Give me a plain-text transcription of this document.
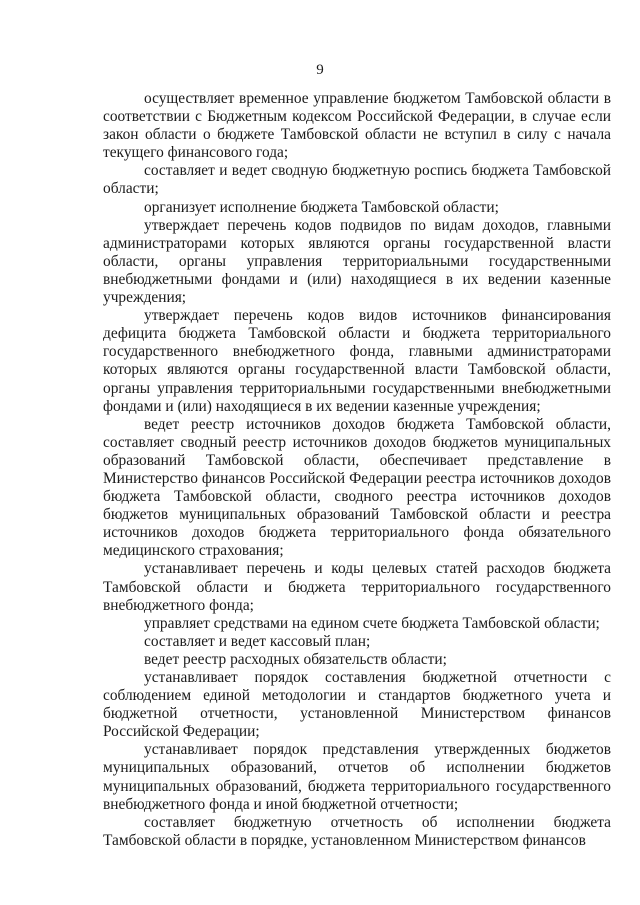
9

осуществляет временное управление бюджетом Тамбовской области в соответствии с Бюджетным кодексом Российской Федерации, в случае если закон области о бюджете Тамбовской области не вступил в силу с начала текущего финансового года;

составляет и ведет сводную бюджетную роспись бюджета Тамбовской области;

организует исполнение бюджета Тамбовской области;

утверждает перечень кодов подвидов по видам доходов, главными администраторами которых являются органы государственной власти области, органы управления территориальными государственными внебюджетными фондами и (или) находящиеся в их ведении казенные учреждения;

утверждает перечень кодов видов источников финансирования дефицита бюджета Тамбовской области и бюджета территориального государственного внебюджетного фонда, главными администраторами которых являются органы государственной власти Тамбовской области, органы управления территориальными государственными внебюджетными фондами и (или) находящиеся в их ведении казенные учреждения;

ведет реестр источников доходов бюджета Тамбовской области, составляет сводный реестр источников доходов бюджетов муниципальных образований Тамбовской области, обеспечивает представление в Министерство финансов Российской Федерации реестра источников доходов бюджета Тамбовской области, сводного реестра источников доходов бюджетов муниципальных образований Тамбовской области и реестра источников доходов бюджета территориального фонда обязательного медицинского страхования;

устанавливает перечень и коды целевых статей расходов бюджета Тамбовской области и бюджета территориального государственного внебюджетного фонда;

управляет средствами на едином счете бюджета Тамбовской области;

составляет и ведет кассовый план;

ведет реестр расходных обязательств области;

устанавливает порядок составления бюджетной отчетности с соблюдением единой методологии и стандартов бюджетного учета и бюджетной отчетности, установленной Министерством финансов Российской Федерации;

устанавливает порядок представления утвержденных бюджетов муниципальных образований, отчетов об исполнении бюджетов муниципальных образований, бюджета территориального государственного внебюджетного фонда и иной бюджетной отчетности;

составляет бюджетную отчетность об исполнении бюджета Тамбовской области в порядке, установленном Министерством финансов
